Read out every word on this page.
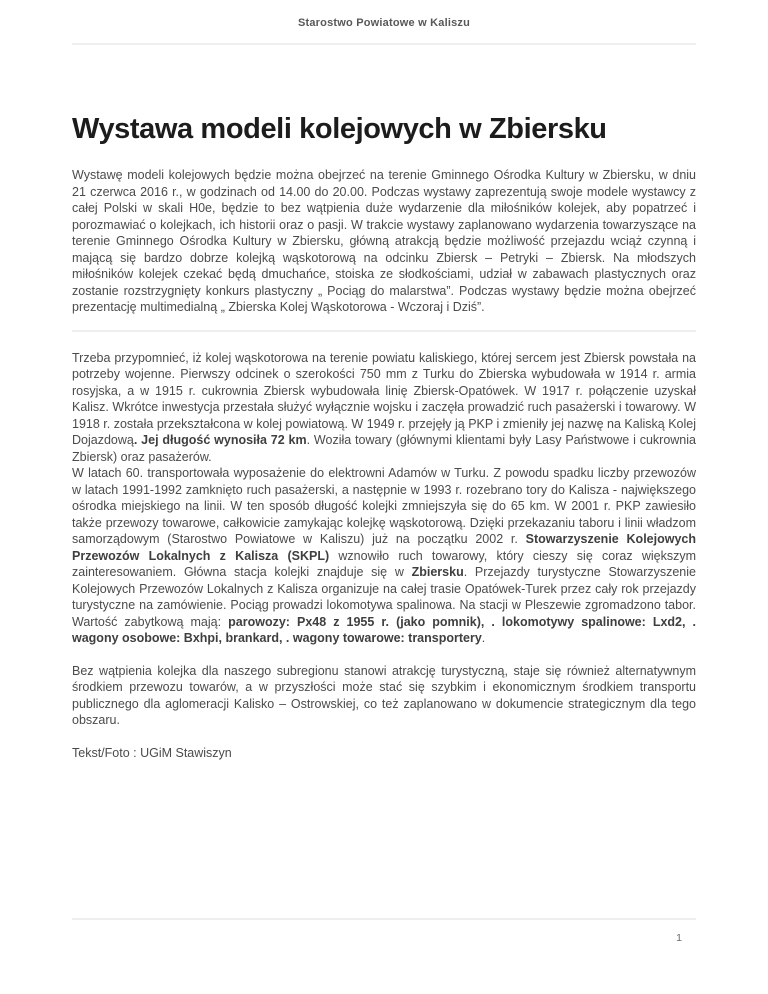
Starostwo Powiatowe w Kaliszu
Wystawa modeli kolejowych w Zbiersku

Wystawę modeli kolejowych będzie można obejrzeć na terenie Gminnego Ośrodka Kultury w Zbiersku, w dniu 21 czerwca 2016 r., w godzinach od 14.00 do 20.00. Podczas wystawy zaprezentują swoje modele wystawcy z całej Polski w skali H0e, będzie to bez wątpienia duże wydarzenie dla miłośników kolejek, aby popatrzeć i porozmawiać o kolejkach, ich historii oraz o pasji. W trakcie wystawy zaplanowano wydarzenia towarzyszące na terenie Gminnego Ośrodka Kultury w Zbiersku, główną atrakcją będzie możliwość przejazdu wciąż czynną i mającą się bardzo dobrze kolejką wąskotorową na odcinku Zbiersk – Petryki – Zbiersk. Na młodszych miłośników kolejek czekać będą dmuchańce, stoiska ze słodkościami, udział w zabawach plastycznych oraz zostanie rozstrzygnięty konkurs plastyczny „ Pociąg do malarstwa”. Podczas wystawy będzie można obejrzeć prezentację multimedialną „ Zbierska Kolej Wąskotorowa - Wczoraj i Dziś”.

Trzeba przypomnieć, iż kolej wąskotorowa na terenie powiatu kaliskiego, której sercem jest Zbiersk powstała na potrzeby wojenne. Pierwszy odcinek o szerokości 750 mm z Turku do Zbierska wybudowała w 1914 r. armia rosyjska, a w 1915 r. cukrownia Zbiersk wybudowała linię Zbiersk-Opatówek. W 1917 r. połączenie uzyskał Kalisz. Wkrótce inwestycja przestała służyć wyłącznie wojsku i zaczęła prowadzić ruch pasażerski i towarowy. W 1918 r. została przekształcona w kolej powiatową. W 1949 r. przejęły ją PKP i zmieniły jej nazwę na Kaliską Kolej Dojazdową. Jej długość wynosiła 72 km. Woziła towary (głównymi klientami były Lasy Państwowe i cukrownia Zbiersk) oraz pasażerów.
W latach 60. transportowała wyposażenie do elektrowni Adamów w Turku. Z powodu spadku liczby przewozów w latach 1991-1992 zamknięto ruch pasażerski, a następnie w 1993 r. rozebrano tory do Kalisza - największego ośrodka miejskiego na linii. W ten sposób długość kolejki zmniejszyła się do 65 km. W 2001 r. PKP zawiesiło także przewozy towarowe, całkowicie zamykając kolejkę wąskotorową. Dzięki przekazaniu taboru i linii władzom samorządowym (Starostwo Powiatowe w Kaliszu) już na początku 2002 r. Stowarzyszenie Kolejowych Przewozów Lokalnych z Kalisza (SKPL) wznowiło ruch towarowy, który cieszy się coraz większym zainteresowaniem. Główna stacja kolejki znajduje się w Zbiersku. Przejazdy turystyczne Stowarzyszenie Kolejowych Przewozów Lokalnych z Kalisza organizuje na całej trasie Opatówek-Turek przez cały rok przejazdy turystyczne na zamówienie. Pociąg prowadzi lokomotywa spalinowa. Na stacji w Pleszewie zgromadzono tabor. Wartość zabytkową mają: parowozy: Px48 z 1955 r. (jako pomnik), . lokomotywy spalinowe: Lxd2, . wagony osobowe: Bxhpi, brankard, . wagony towarowe: transportery.

Bez wątpienia kolejka dla naszego subregionu stanowi atrakcję turystyczną, staje się również alternatywnym środkiem przewozu towarów, a w przyszłości może stać się szybkim i ekonomicznym środkiem transportu publicznego dla aglomeracji Kalisko – Ostrowskiej, co też zaplanowano w dokumencie strategicznym dla tego obszaru.

Tekst/Foto : UGiM Stawiszyn

1
